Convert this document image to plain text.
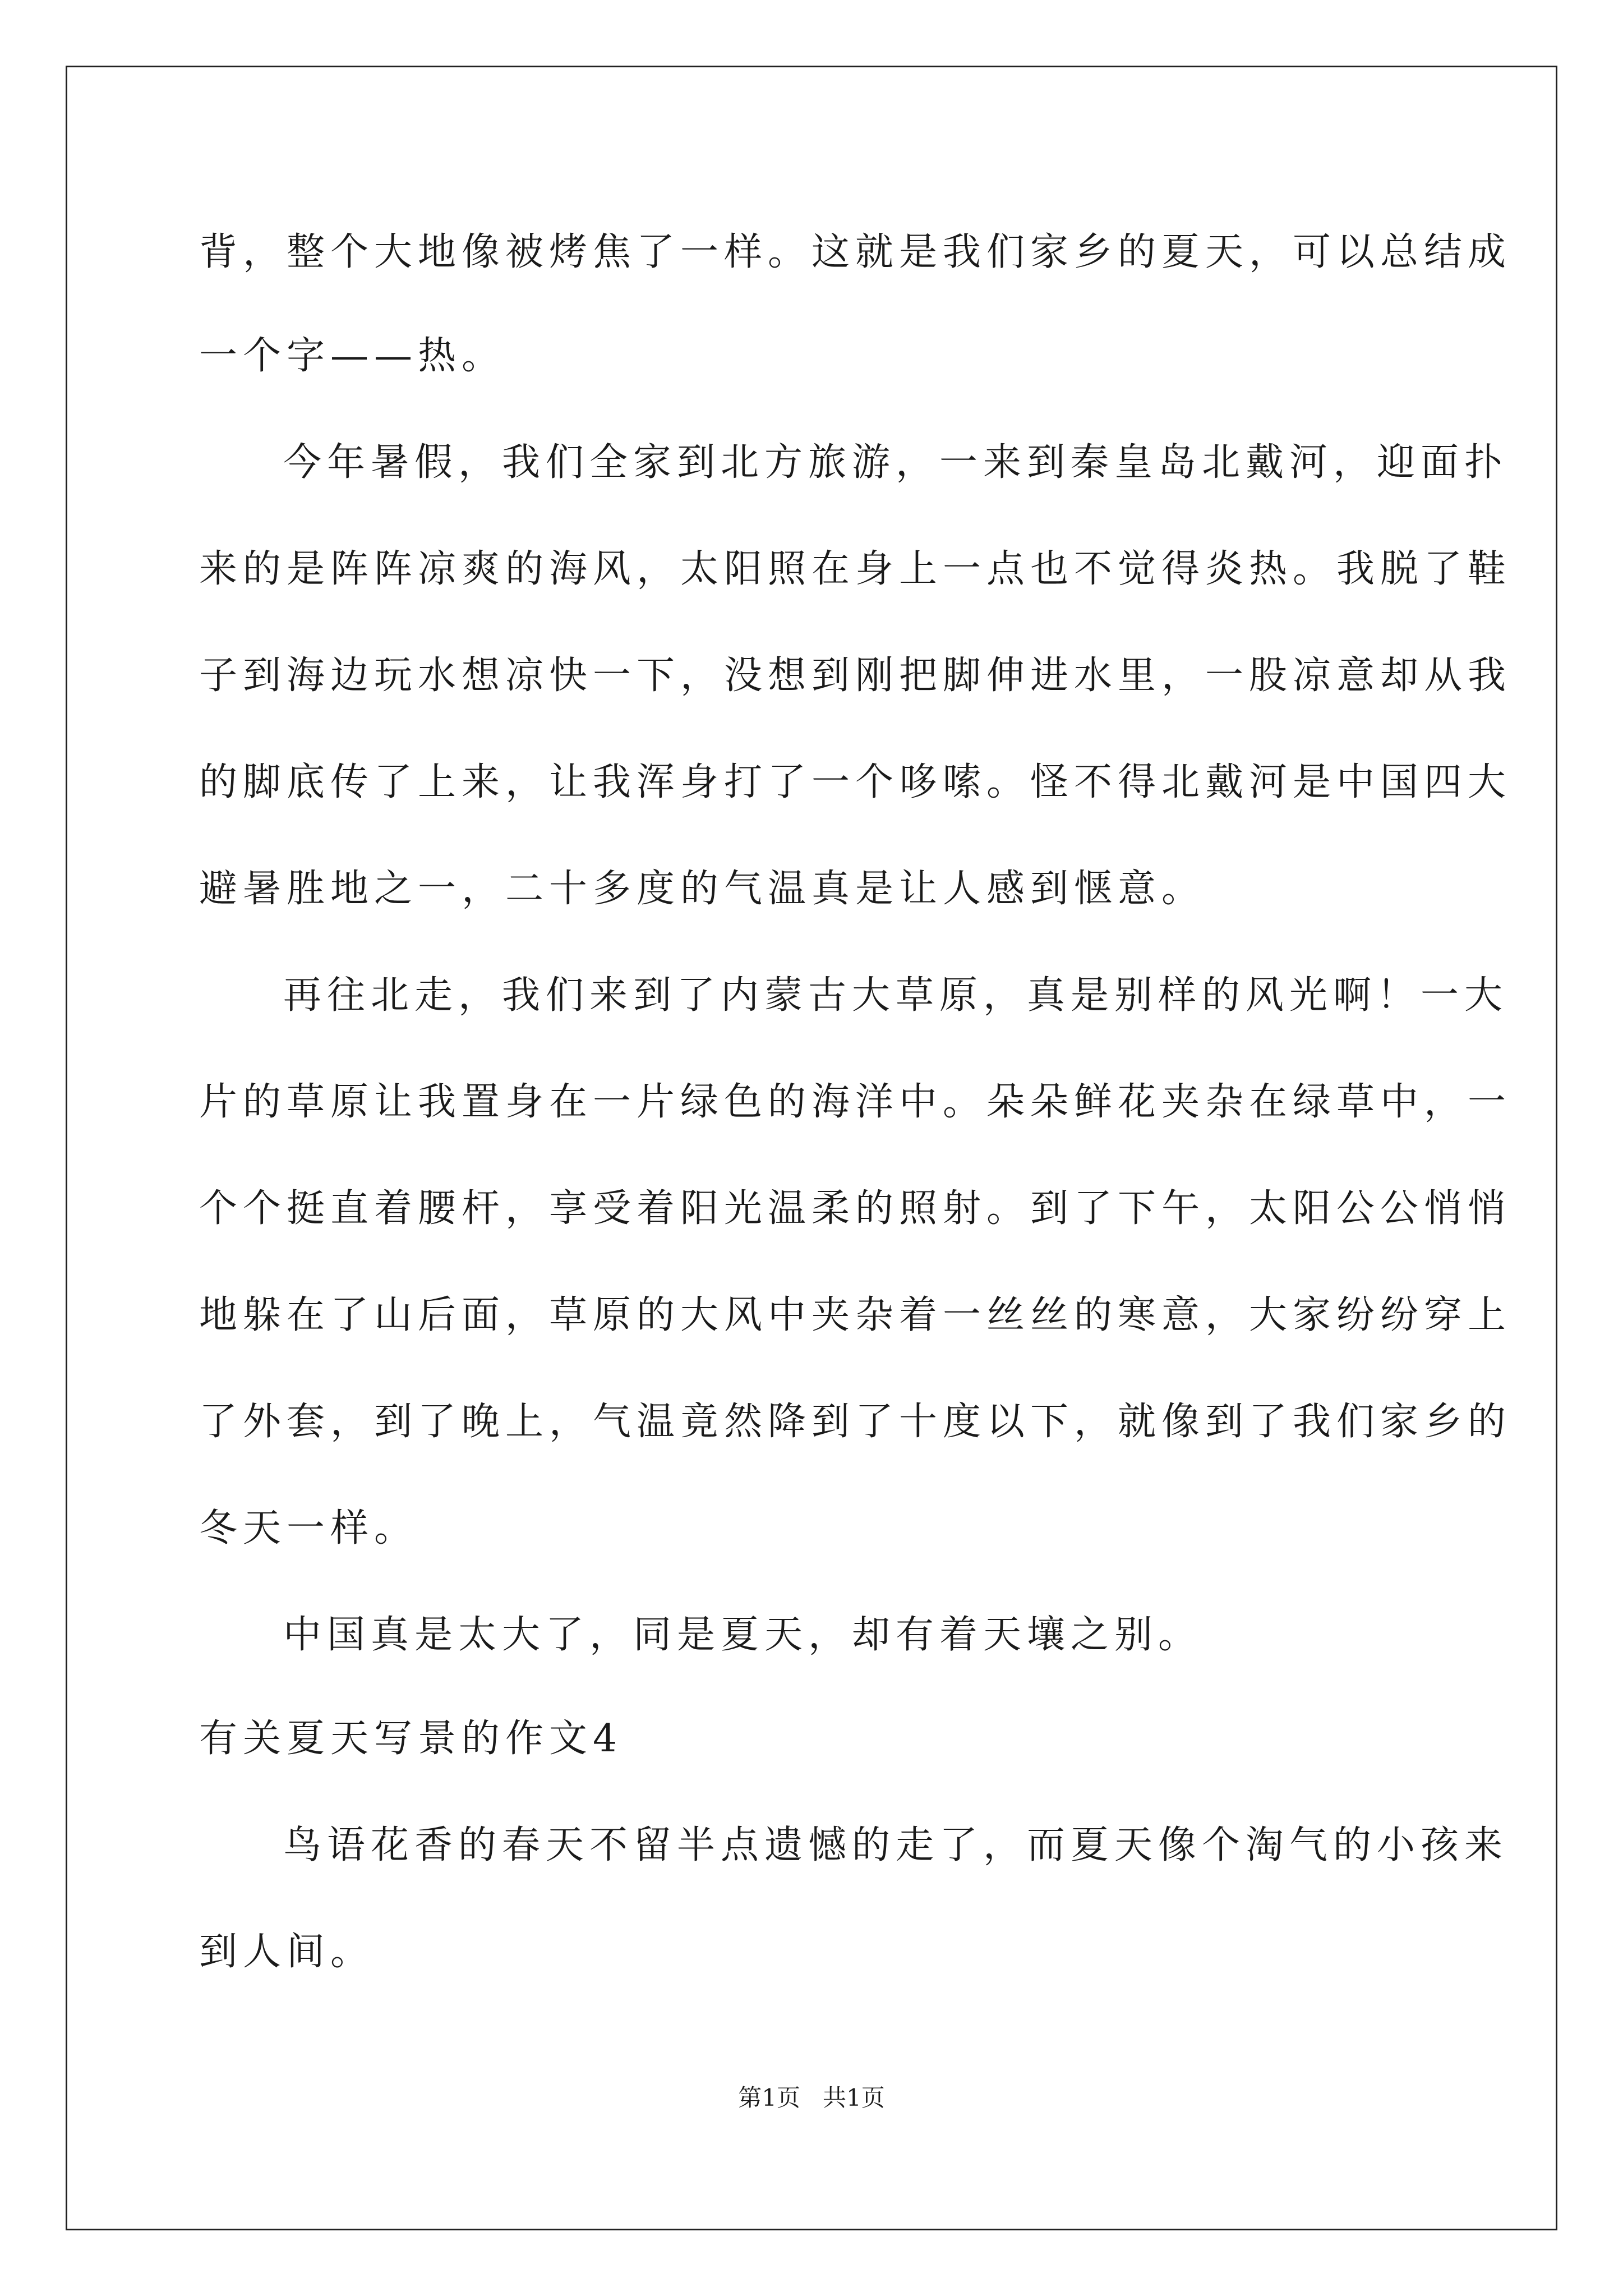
背，整个大地像被烤焦了一样。这就是我们家乡的夏天，可以总结成
一个字——热。
今年暑假，我们全家到北方旅游，一来到秦皇岛北戴河，迎面扑
来的是阵阵凉爽的海风，太阳照在身上一点也不觉得炎热。我脱了鞋
子到海边玩水想凉快一下，没想到刚把脚伸进水里，一股凉意却从我
的脚底传了上来，让我浑身打了一个哆嗦。怪不得北戴河是中国四大
避暑胜地之一，二十多度的气温真是让人感到惬意。
再往北走，我们来到了内蒙古大草原，真是别样的风光啊！一大
片的草原让我置身在一片绿色的海洋中。朵朵鲜花夹杂在绿草中，一
个个挺直着腰杆，享受着阳光温柔的照射。到了下午，太阳公公悄悄
地躲在了山后面，草原的大风中夹杂着一丝丝的寒意，大家纷纷穿上
了外套，到了晚上，气温竟然降到了十度以下，就像到了我们家乡的
冬天一样。
中国真是太大了，同是夏天，却有着天壤之别。
有关夏天写景的作文4
鸟语花香的春天不留半点遗憾的走了，而夏天像个淘气的小孩来
到人间。
第1页   共1页
